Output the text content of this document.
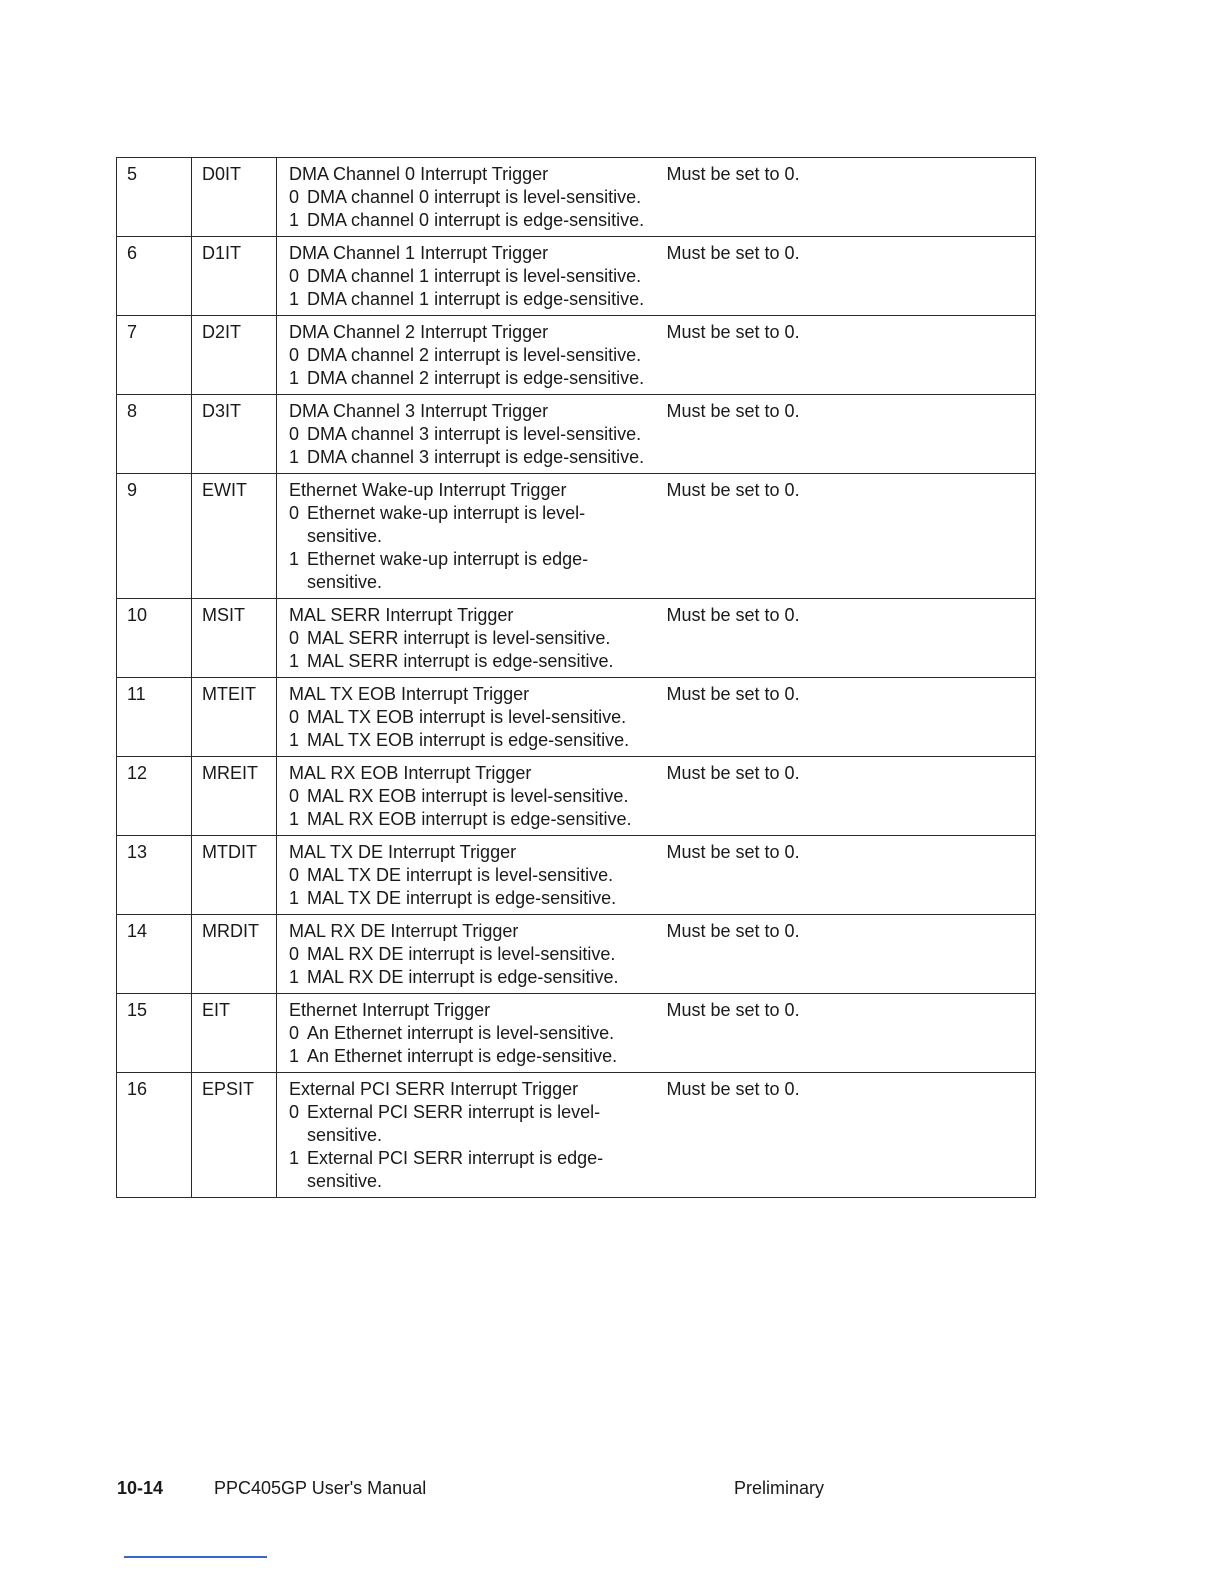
5	D0IT	DMA Channel 0 Interrupt Trigger
0 DMA channel 0 interrupt is level-sensitive.
1 DMA channel 0 interrupt is edge-sensitive.	Must be set to 0.
6	D1IT	DMA Channel 1 Interrupt Trigger
0 DMA channel 1 interrupt is level-sensitive.
1 DMA channel 1 interrupt is edge-sensitive.	Must be set to 0.
7	D2IT	DMA Channel 2 Interrupt Trigger
0 DMA channel 2 interrupt is level-sensitive.
1 DMA channel 2 interrupt is edge-sensitive.	Must be set to 0.
8	D3IT	DMA Channel 3 Interrupt Trigger
0 DMA channel 3 interrupt is level-sensitive.
1 DMA channel 3 interrupt is edge-sensitive.	Must be set to 0.
9	EWIT	Ethernet Wake-up Interrupt Trigger
0 Ethernet wake-up interrupt is level-sensitive.
1 Ethernet wake-up interrupt is edge-sensitive.	Must be set to 0.
10	MSIT	MAL SERR Interrupt Trigger
0 MAL SERR interrupt is level-sensitive.
1 MAL SERR interrupt is edge-sensitive.	Must be set to 0.
11	MTEIT	MAL TX EOB Interrupt Trigger
0 MAL TX EOB interrupt is level-sensitive.
1 MAL TX EOB interrupt is edge-sensitive.	Must be set to 0.
12	MREIT	MAL RX EOB Interrupt Trigger
0 MAL RX EOB interrupt is level-sensitive.
1 MAL RX EOB interrupt is edge-sensitive.	Must be set to 0.
13	MTDIT	MAL TX DE Interrupt Trigger
0 MAL TX DE interrupt is level-sensitive.
1 MAL TX DE interrupt is edge-sensitive.	Must be set to 0.
14	MRDIT	MAL RX DE Interrupt Trigger
0 MAL RX DE interrupt is level-sensitive.
1 MAL RX DE interrupt is edge-sensitive.	Must be set to 0.
15	EIT	Ethernet Interrupt Trigger
0 An Ethernet interrupt is level-sensitive.
1 An Ethernet interrupt is edge-sensitive.	Must be set to 0.
16	EPSIT	External PCI SERR Interrupt Trigger
0 External PCI SERR interrupt is level-sensitive.
1 External PCI SERR interrupt is edge-sensitive.	Must be set to 0.
10-14	PPC405GP User's Manual	Preliminary
